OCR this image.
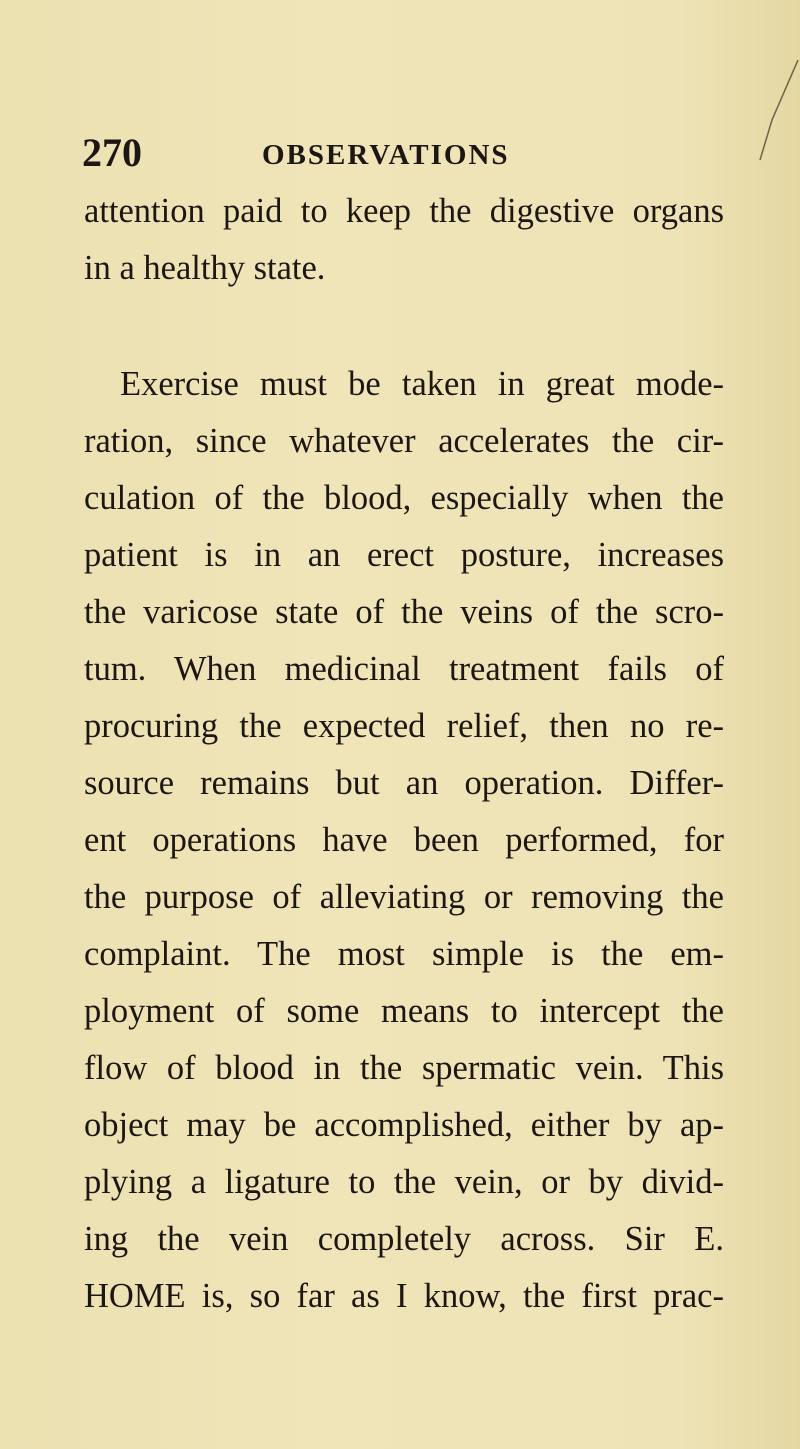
270	OBSERVATIONS
attention paid to keep the digestive organs
in a healthy state.
Exercise must be taken in great mode-
ration, since whatever accelerates the cir-
culation of the blood, especially when the
patient is in an erect posture, increases
the varicose state of the veins of the scro-
tum. When medicinal treatment fails of
procuring the expected relief, then no re-
source remains but an operation. Differ-
ent operations have been performed, for
the purpose of alleviating or removing the
complaint. The most simple is the em-
ployment of some means to intercept the
flow of blood in the spermatic vein. This
object may be accomplished, either by ap-
plying a ligature to the vein, or by divid-
ing the vein completely across. Sir E.
HOME is, so far as I know, the first prac-
